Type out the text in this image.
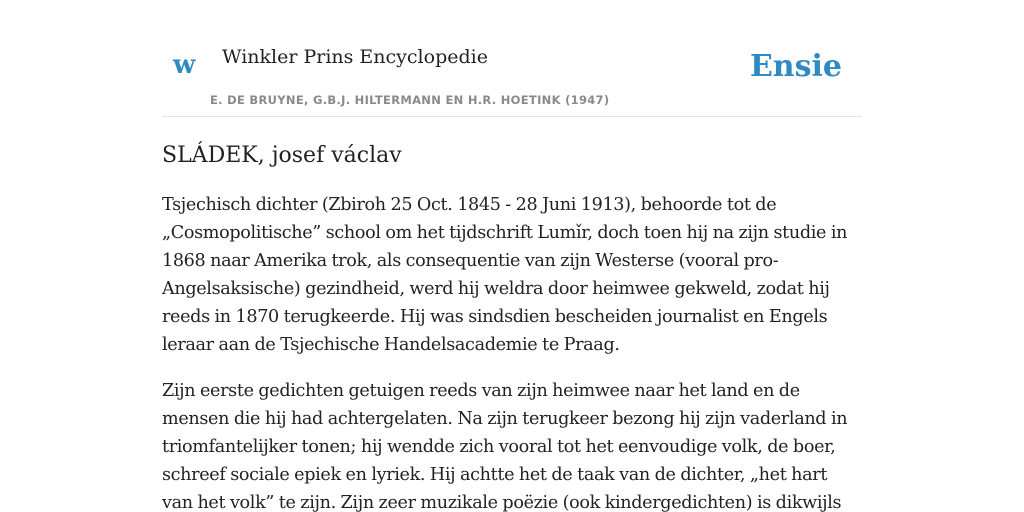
w Winkler Prins Encyclopedie
E. DE BRUYNE, G.B.J. HILTERMANN EN H.R. HOETINK (1947)
Ensie
SLÁDEK, josef václav

Tsjechisch dichter (Zbiroh 25 Oct. 1845 - 28 Juni 1913), behoorde tot de „Cosmopolitische” school om het tijdschrift Lumǐr, doch toen hij na zijn studie in 1868 naar Amerika trok, als consequentie van zijn Westerse (vooral pro-Angelsaksische) gezindheid, werd hij weldra door heimwee gekweld, zodat hij reeds in 1870 terugkeerde. Hij was sindsdien bescheiden journalist en Engels leraar aan de Tsjechische Handelsacademie te Praag.

Zijn eerste gedichten getuigen reeds van zijn heimwee naar het land en de mensen die hij had achtergelaten. Na zijn terugkeer bezong hij zijn vaderland in triomfantelijker tonen; hij wendde zich vooral tot het eenvoudige volk, de boer, schreef sociale epiek en lyriek. Hij achtte het de taak van de dichter, „het hart van het volk” te zijn. Zijn zeer muzikale poëzie (ook kindergedichten) is dikwijls
